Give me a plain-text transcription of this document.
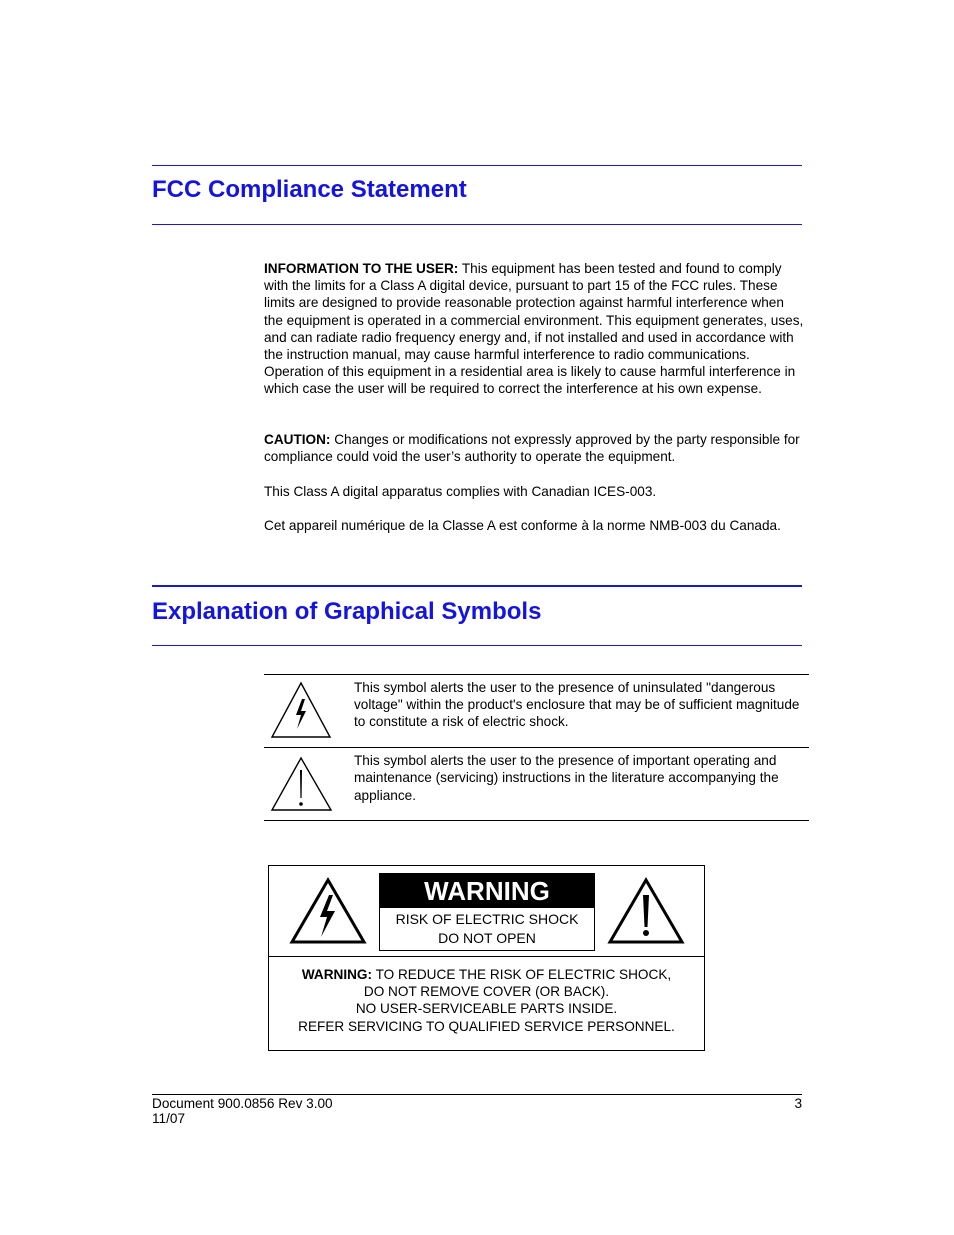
FCC Compliance Statement

INFORMATION TO THE USER: This equipment has been tested and found to comply with the limits for a Class A digital device, pursuant to part 15 of the FCC rules. These limits are designed to provide reasonable protection against harmful interference when the equipment is operated in a commercial environment. This equipment generates, uses, and can radiate radio frequency energy and, if not installed and used in accordance with the instruction manual, may cause harmful interference to radio communications. Operation of this equipment in a residential area is likely to cause harmful interference in which case the user will be required to correct the interference at his own expense.

CAUTION: Changes or modifications not expressly approved by the party responsible for compliance could void the user’s authority to operate the equipment.

This Class A digital apparatus complies with Canadian ICES-003.

Cet appareil numérique de la Classe A est conforme à la norme NMB-003 du Canada.

Explanation of Graphical Symbols
	This symbol alerts the user to the presence of uninsulated "dangerous voltage" within the product's enclosure that may be of sufficient magnitude to constitute a risk of electric shock.
	This symbol alerts the user to the presence of important operating and maintenance (servicing) instructions in the literature accompanying the appliance.
WARNING
RISK OF ELECTRIC SHOCK
DO NOT OPEN
WARNING: TO REDUCE THE RISK OF ELECTRIC SHOCK,
DO NOT REMOVE COVER (OR BACK).
NO USER-SERVICEABLE PARTS INSIDE.
REFER SERVICING TO QUALIFIED SERVICE PERSONNEL.
Document 900.0856 Rev 3.00
11/07
3
